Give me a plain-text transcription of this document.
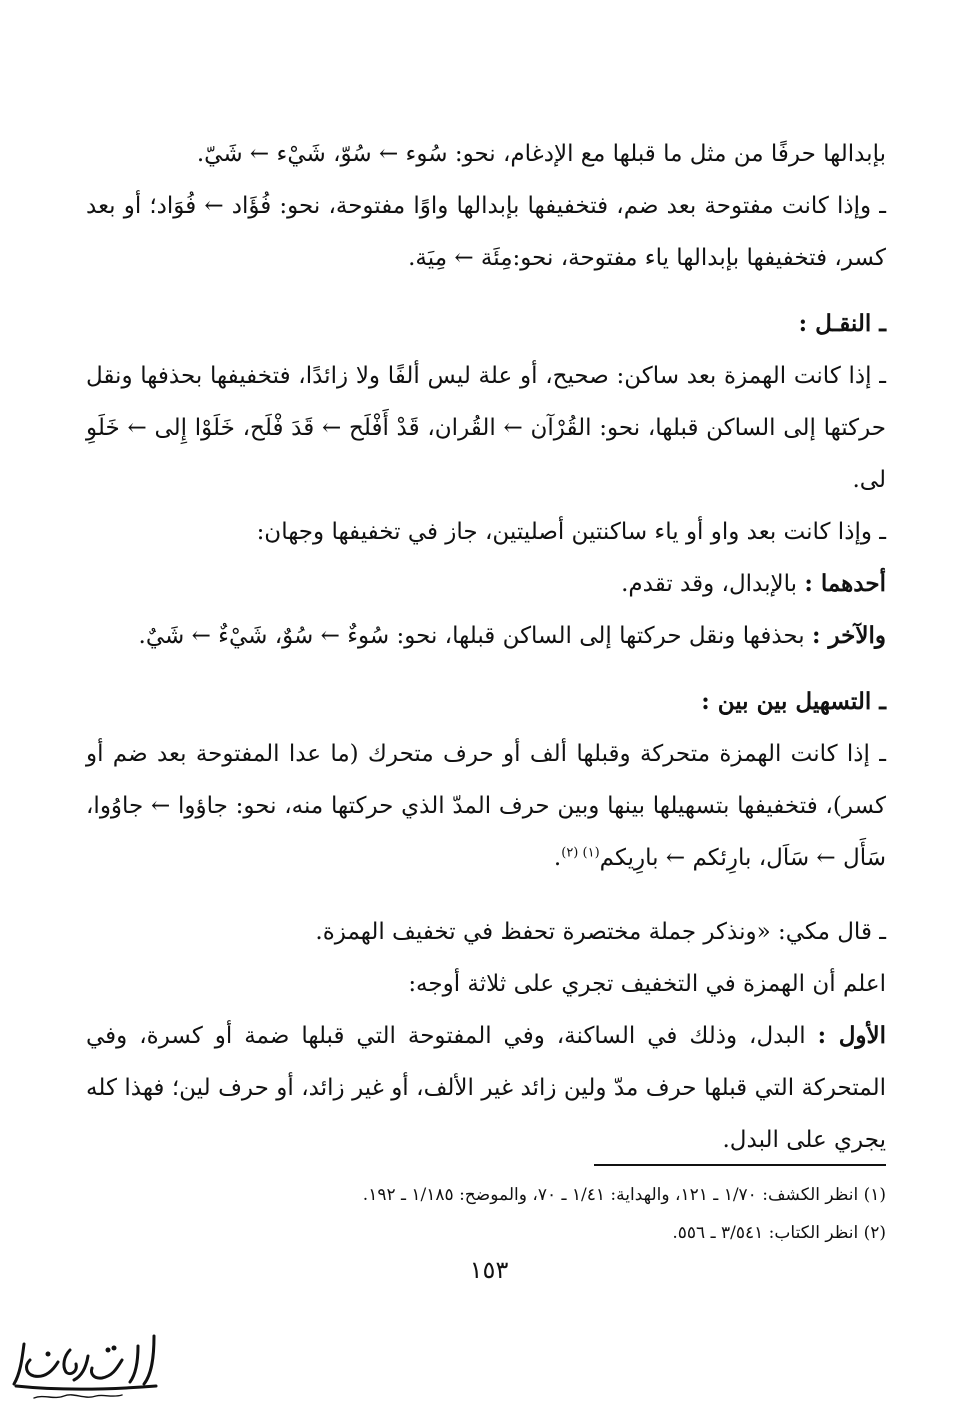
بإبدالها حرفًا من مثل ما قبلها مع الإدغام، نحو: سُوء ← سُوّ، شَيْء ← شَيّ.

ـ وإذا كانت مفتوحة بعد ضم، فتخفيفها بإبدالها واوًا مفتوحة، نحو: فُؤَاد ← فُوَاد؛ أو بعد كسر، فتخفيفها بإبدالها ياء مفتوحة، نحو:مِئَة ← مِيَة.

ـ النقـل :

ـ إذا كانت الهمزة بعد ساكن: صحيح، أو علة ليس ألفًا ولا زائدًا، فتخفيفها بحذفها ونقل حركتها إلى الساكن قبلها، نحو: القُرْآن ← القُران، قَدْ أَفْلَح ← قَدَ فْلَح، خَلَوْا إِلى ← خَلَوِ لى.

ـ وإذا كانت بعد واو أو ياء ساكنتين أصليتين، جاز في تخفيفها وجهان:

أحدهما : بالإبدال، وقد تقدم.

والآخر : بحذفها ونقل حركتها إلى الساكن قبلها، نحو: سُوءٌ ← سُوٌ، شَيْءٌ ← شَيٌ.

ـ التسهيل بين بين :

ـ إذا كانت الهمزة متحركة وقبلها ألف أو حرف متحرك (ما عدا المفتوحة بعد ضم أو كسر)، فتخفيفها بتسهيلها بينها وبين حرف المدّ الذي حركتها منه، نحو: جاؤوا ← جاوُوا، سَأَل ← سَاَل، بارِئكم ← بارِيكم$^{(١) (٢)}$.

ـ قال مكي: «ونذكر جملة مختصرة تحفظ في تخفيف الهمزة.

اعلم أن الهمزة في التخفيف تجري على ثلاثة أوجه:

الأول : البدل، وذلك في الساكنة، وفي المفتوحة التي قبلها ضمة أو كسرة، وفي المتحركة التي قبلها حرف مدّ ولين زائد غير الألف، أو غير زائد، أو حرف لين؛ فهذا كله يجري على البدل.

(١) انظر الكشف: ١/٧٠ ـ ١٢١، والهداية: ١/٤١ ـ ٧٠، والموضح: ١/١٨٥ ـ ١٩٢.

(٢) انظر الكتاب: ٣/٥٤١ ـ ٥٥٦.

١٥٣
